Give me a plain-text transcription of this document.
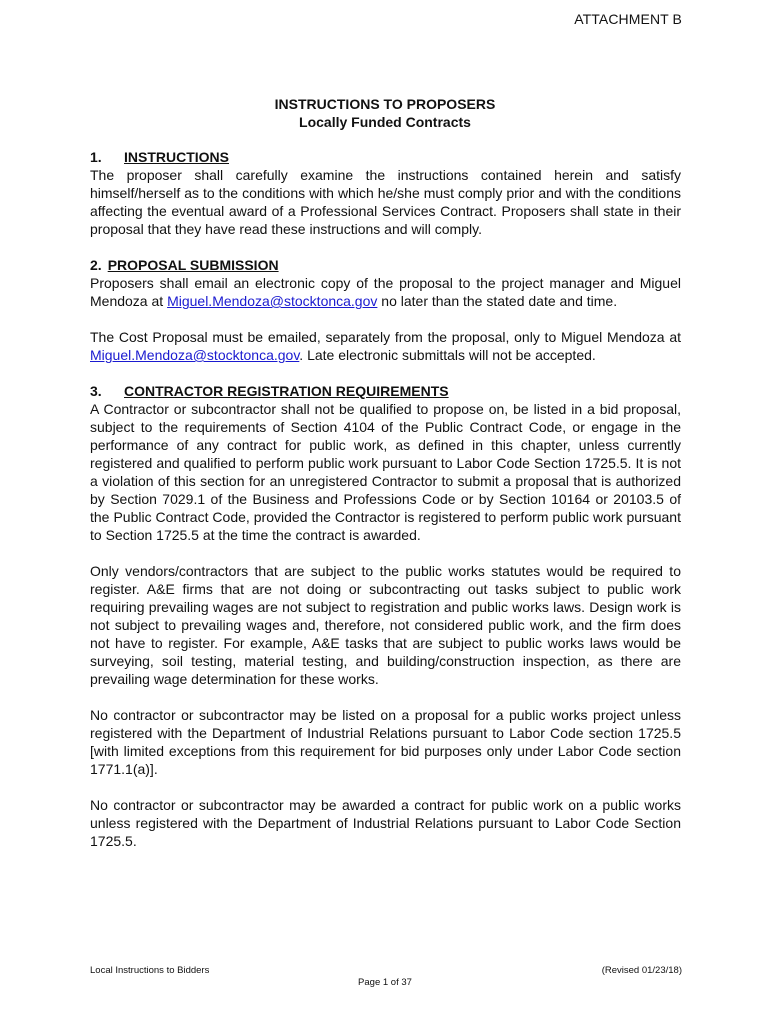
ATTACHMENT B
INSTRUCTIONS TO PROPOSERS
Locally Funded Contracts
1.	INSTRUCTIONS

The proposer shall carefully examine the instructions contained herein and satisfy himself/herself as to the conditions with which he/she must comply prior and with the conditions affecting the eventual award of a Professional Services Contract. Proposers shall state in their proposal that they have read these instructions and will comply.

2. PROPOSAL SUBMISSION

Proposers shall email an electronic copy of the proposal to the project manager and Miguel Mendoza at Miguel.Mendoza@stocktonca.gov no later than the stated date and time.

The Cost Proposal must be emailed, separately from the proposal, only to Miguel Mendoza at Miguel.Mendoza@stocktonca.gov. Late electronic submittals will not be accepted.

3.	CONTRACTOR REGISTRATION REQUIREMENTS

A Contractor or subcontractor shall not be qualified to propose on, be listed in a bid proposal, subject to the requirements of Section 4104 of the Public Contract Code, or engage in the performance of any contract for public work, as defined in this chapter, unless currently registered and qualified to perform public work pursuant to Labor Code Section 1725.5. It is not a violation of this section for an unregistered Contractor to submit a proposal that is authorized by Section 7029.1 of the Business and Professions Code or by Section 10164 or 20103.5 of the Public Contract Code, provided the Contractor is registered to perform public work pursuant to Section 1725.5 at the time the contract is awarded.

Only vendors/contractors that are subject to the public works statutes would be required to register. A&E firms that are not doing or subcontracting out tasks subject to public work requiring prevailing wages are not subject to registration and public works laws. Design work is not subject to prevailing wages and, therefore, not considered public work, and the firm does not have to register. For example, A&E tasks that are subject to public works laws would be surveying, soil testing, material testing, and building/construction inspection, as there are prevailing wage determination for these works.

No contractor or subcontractor may be listed on a proposal for a public works project unless registered with the Department of Industrial Relations pursuant to Labor Code section 1725.5 [with limited exceptions from this requirement for bid purposes only under Labor Code section 1771.1(a)].

No contractor or subcontractor may be awarded a contract for public work on a public works unless registered with the Department of Industrial Relations pursuant to Labor Code Section 1725.5.

Local Instructions to Bidders	(Revised 01/23/18)
Page 1 of 37
